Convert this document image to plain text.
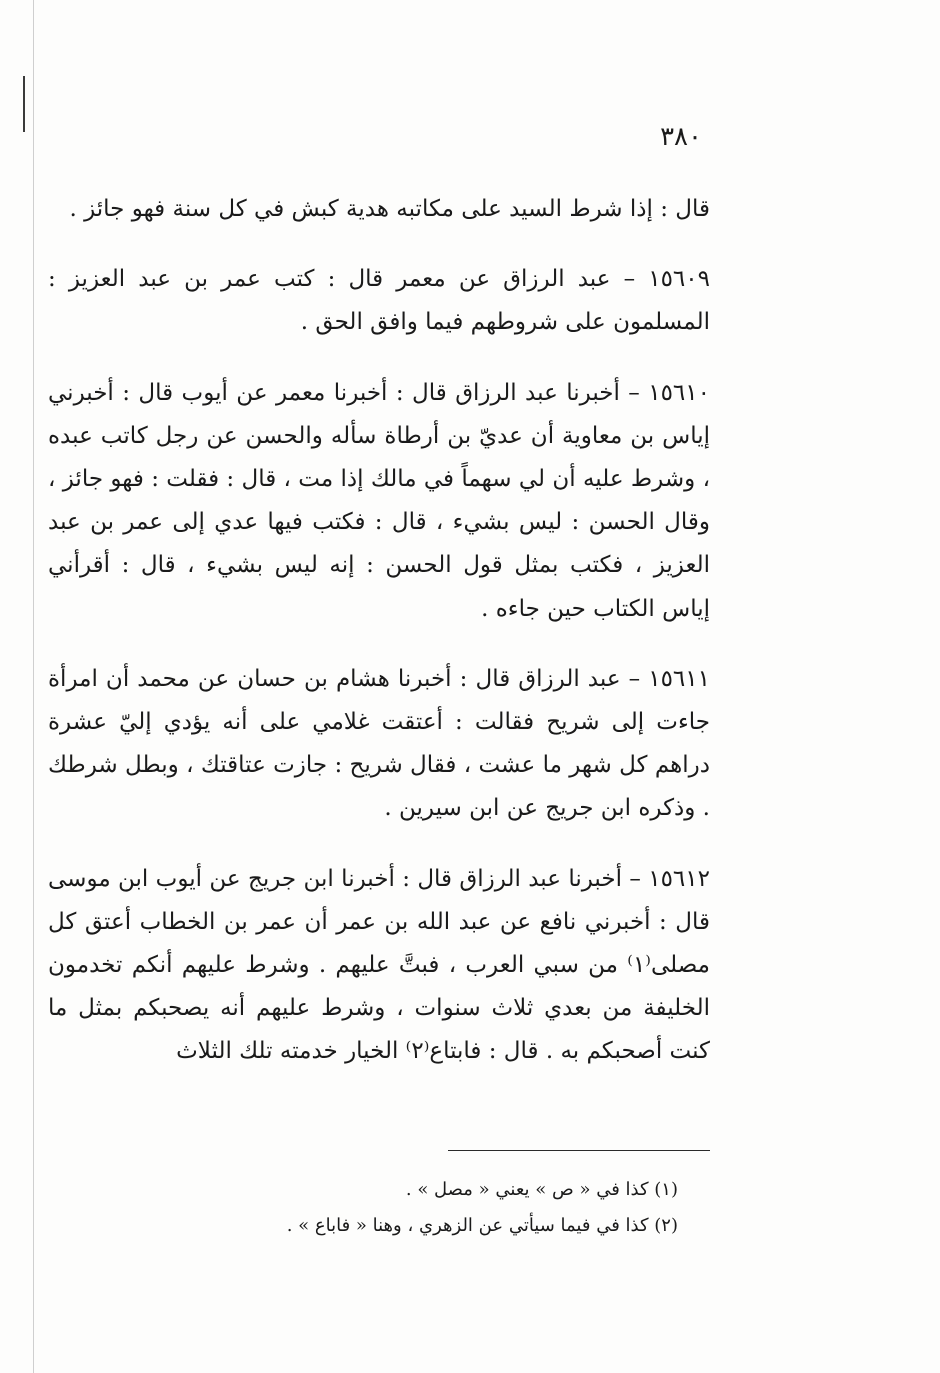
٣٨٠

قال : إذا شرط السيد على مكاتبه هدية كبش في كل سنة فهو جائز .

١٥٦٠٩ – عبد الرزاق عن معمر قال : كتب عمر بن عبد العزيز : المسلمون على شروطهم فيما وافق الحق .

١٥٦١٠ – أخبرنا عبد الرزاق قال : أخبرنا معمر عن أيوب قال : أخبرني إياس بن معاوية أن عديّ بن أرطاة سأله والحسن عن رجل كاتب عبده ، وشرط عليه أن لي سهماً في مالك إذا مت ، قال : فقلت : فهو جائز ، وقال الحسن : ليس بشيء ، قال : فكتب فيها عدي إلى عمر بن عبد العزيز ، فكتب بمثل قول الحسن : إنه ليس بشيء ، قال : أقرأني إياس الكتاب حين جاءه .

١٥٦١١ – عبد الرزاق قال : أخبرنا هشام بن حسان عن محمد أن امرأة جاءت إلى شريح فقالت : أعتقت غلامي على أنه يؤدي إليّ عشرة دراهم كل شهر ما عشت ، فقال شريح : جازت عتاقتك ، وبطل شرطك . وذكره ابن جريج عن ابن سيرين .

١٥٦١٢ – أخبرنا عبد الرزاق قال : أخبرنا ابن جريج عن أيوب ابن موسى قال : أخبرني نافع عن عبد الله بن عمر أن عمر بن الخطاب أعتق كل مصلى⁽١⁾ من سبي العرب ، فبتَّ عليهم . وشرط عليهم أنكم تخدمون الخليفة من بعدي ثلاث سنوات ، وشرط عليهم أنه يصحبكم بمثل ما كنت أصحبكم به . قال : فابتاع⁽٢⁾ الخيار خدمته تلك الثلاث

(١) كذا في « ص » يعني « مصل » .

(٢) كذا في فيما سيأتي عن الزهري ، وهنا « فاباع » .
